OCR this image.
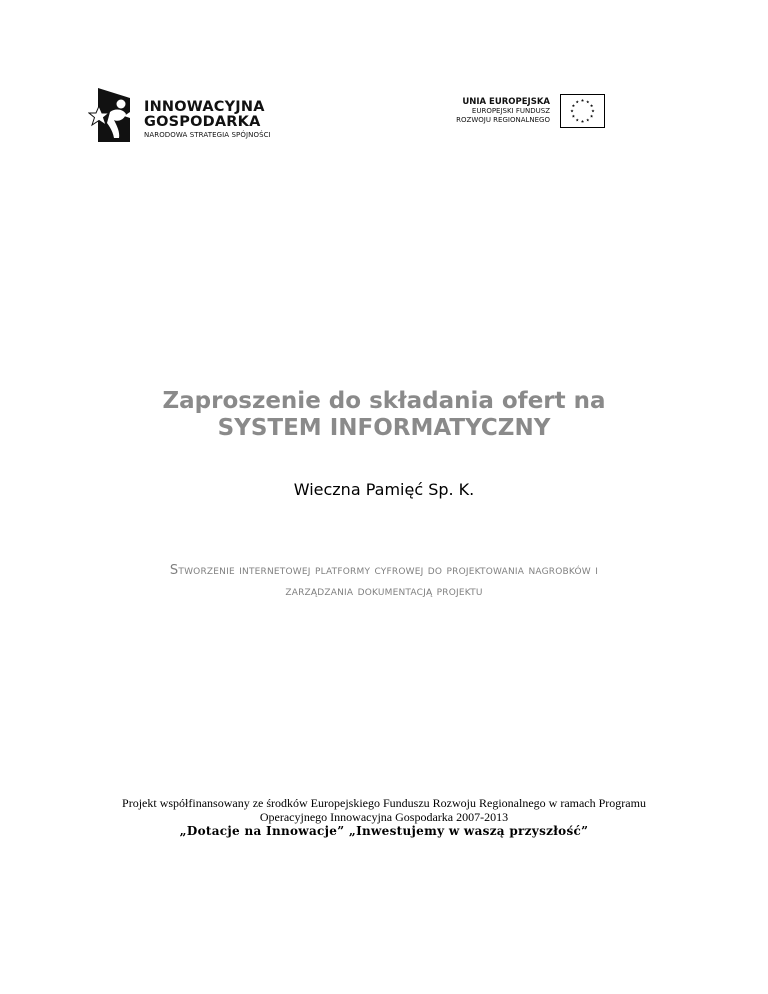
INNOWACYJNA
GOSPODARKA
NARODOWA STRATEGIA SPÓJNOŚCI
UNIA EUROPEJSKA
EUROPEJSKI FUNDUSZ
ROZWOJU REGIONALNEGO
Zaproszenie do składania ofert na
SYSTEM INFORMATYCZNY
Wieczna Pamięć Sp. K.
Stworzenie internetowej platformy cyfrowej do projektowania nagrobków i
zarządzania dokumentacją projektu
Projekt współfinansowany ze środków Europejskiego Funduszu Rozwoju Regionalnego w ramach Programu
Operacyjnego Innowacyjna Gospodarka 2007-2013
„Dotacje na Innowacje” „Inwestujemy w waszą przyszłość”
